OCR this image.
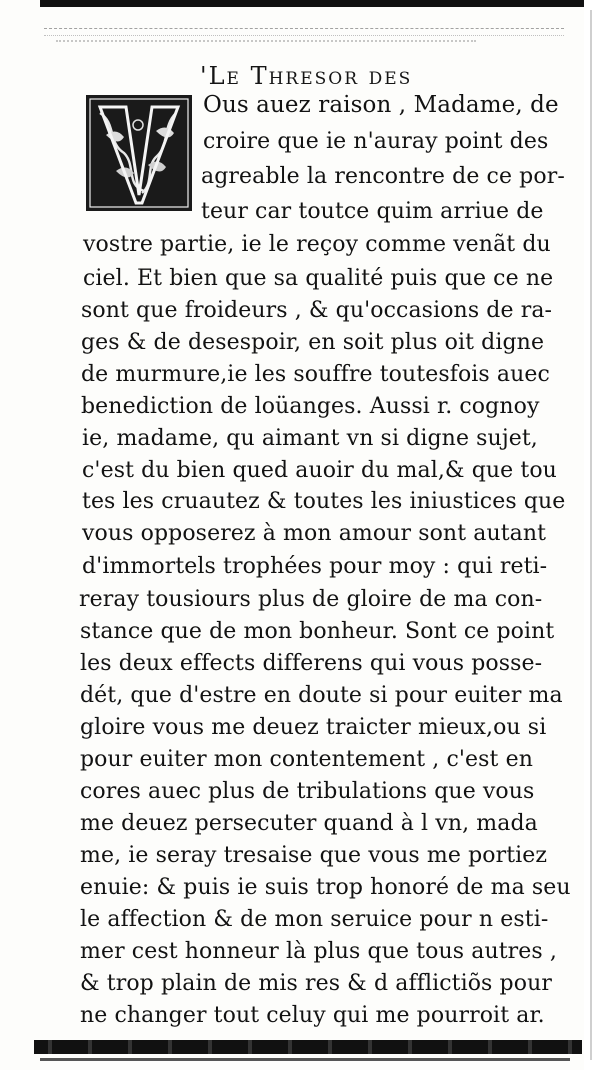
'Le Thresor des
Ous auez raison , Madame, de
croire que ie n'auray point des
agreable la rencontre de ce por-
teur car toutce quim arriue de
vostre partie, ie le reçoy comme venãt du
ciel. Et bien que sa qualité puis que ce ne
sont que froideurs , & qu'occasions de ra-
ges & de desespoir, en soit plus oit digne
de murmure,ie les souffre toutesfois auec
benediction de loüanges. Aussi r. cognoy
ie, madame, qu aimant vn si digne sujet,
c'est du bien qued auoir du mal,& que tou
tes les cruautez & toutes les iniustices que
vous opposerez à mon amour sont autant
d'immortels trophées pour moy : qui reti-
reray tousiours plus de gloire de ma con-
stance que de mon bonheur. Sont ce point
les deux effects differens qui vous posse-
dét, que d'estre en doute si pour euiter ma
gloire vous me deuez traicter mieux,ou si
pour euiter mon contentement , c'est en
cores auec plus de tribulations que vous
me deuez persecuter quand à l vn, mada
me, ie seray tresaise que vous me portiez
enuie: & puis ie suis trop honoré de ma seu
le affection & de mon seruice pour n esti-
mer cest honneur là plus que tous autres ,
& trop plain de mis res & d afflictiõs pour
ne changer tout celuy qui me pourroit ar.
